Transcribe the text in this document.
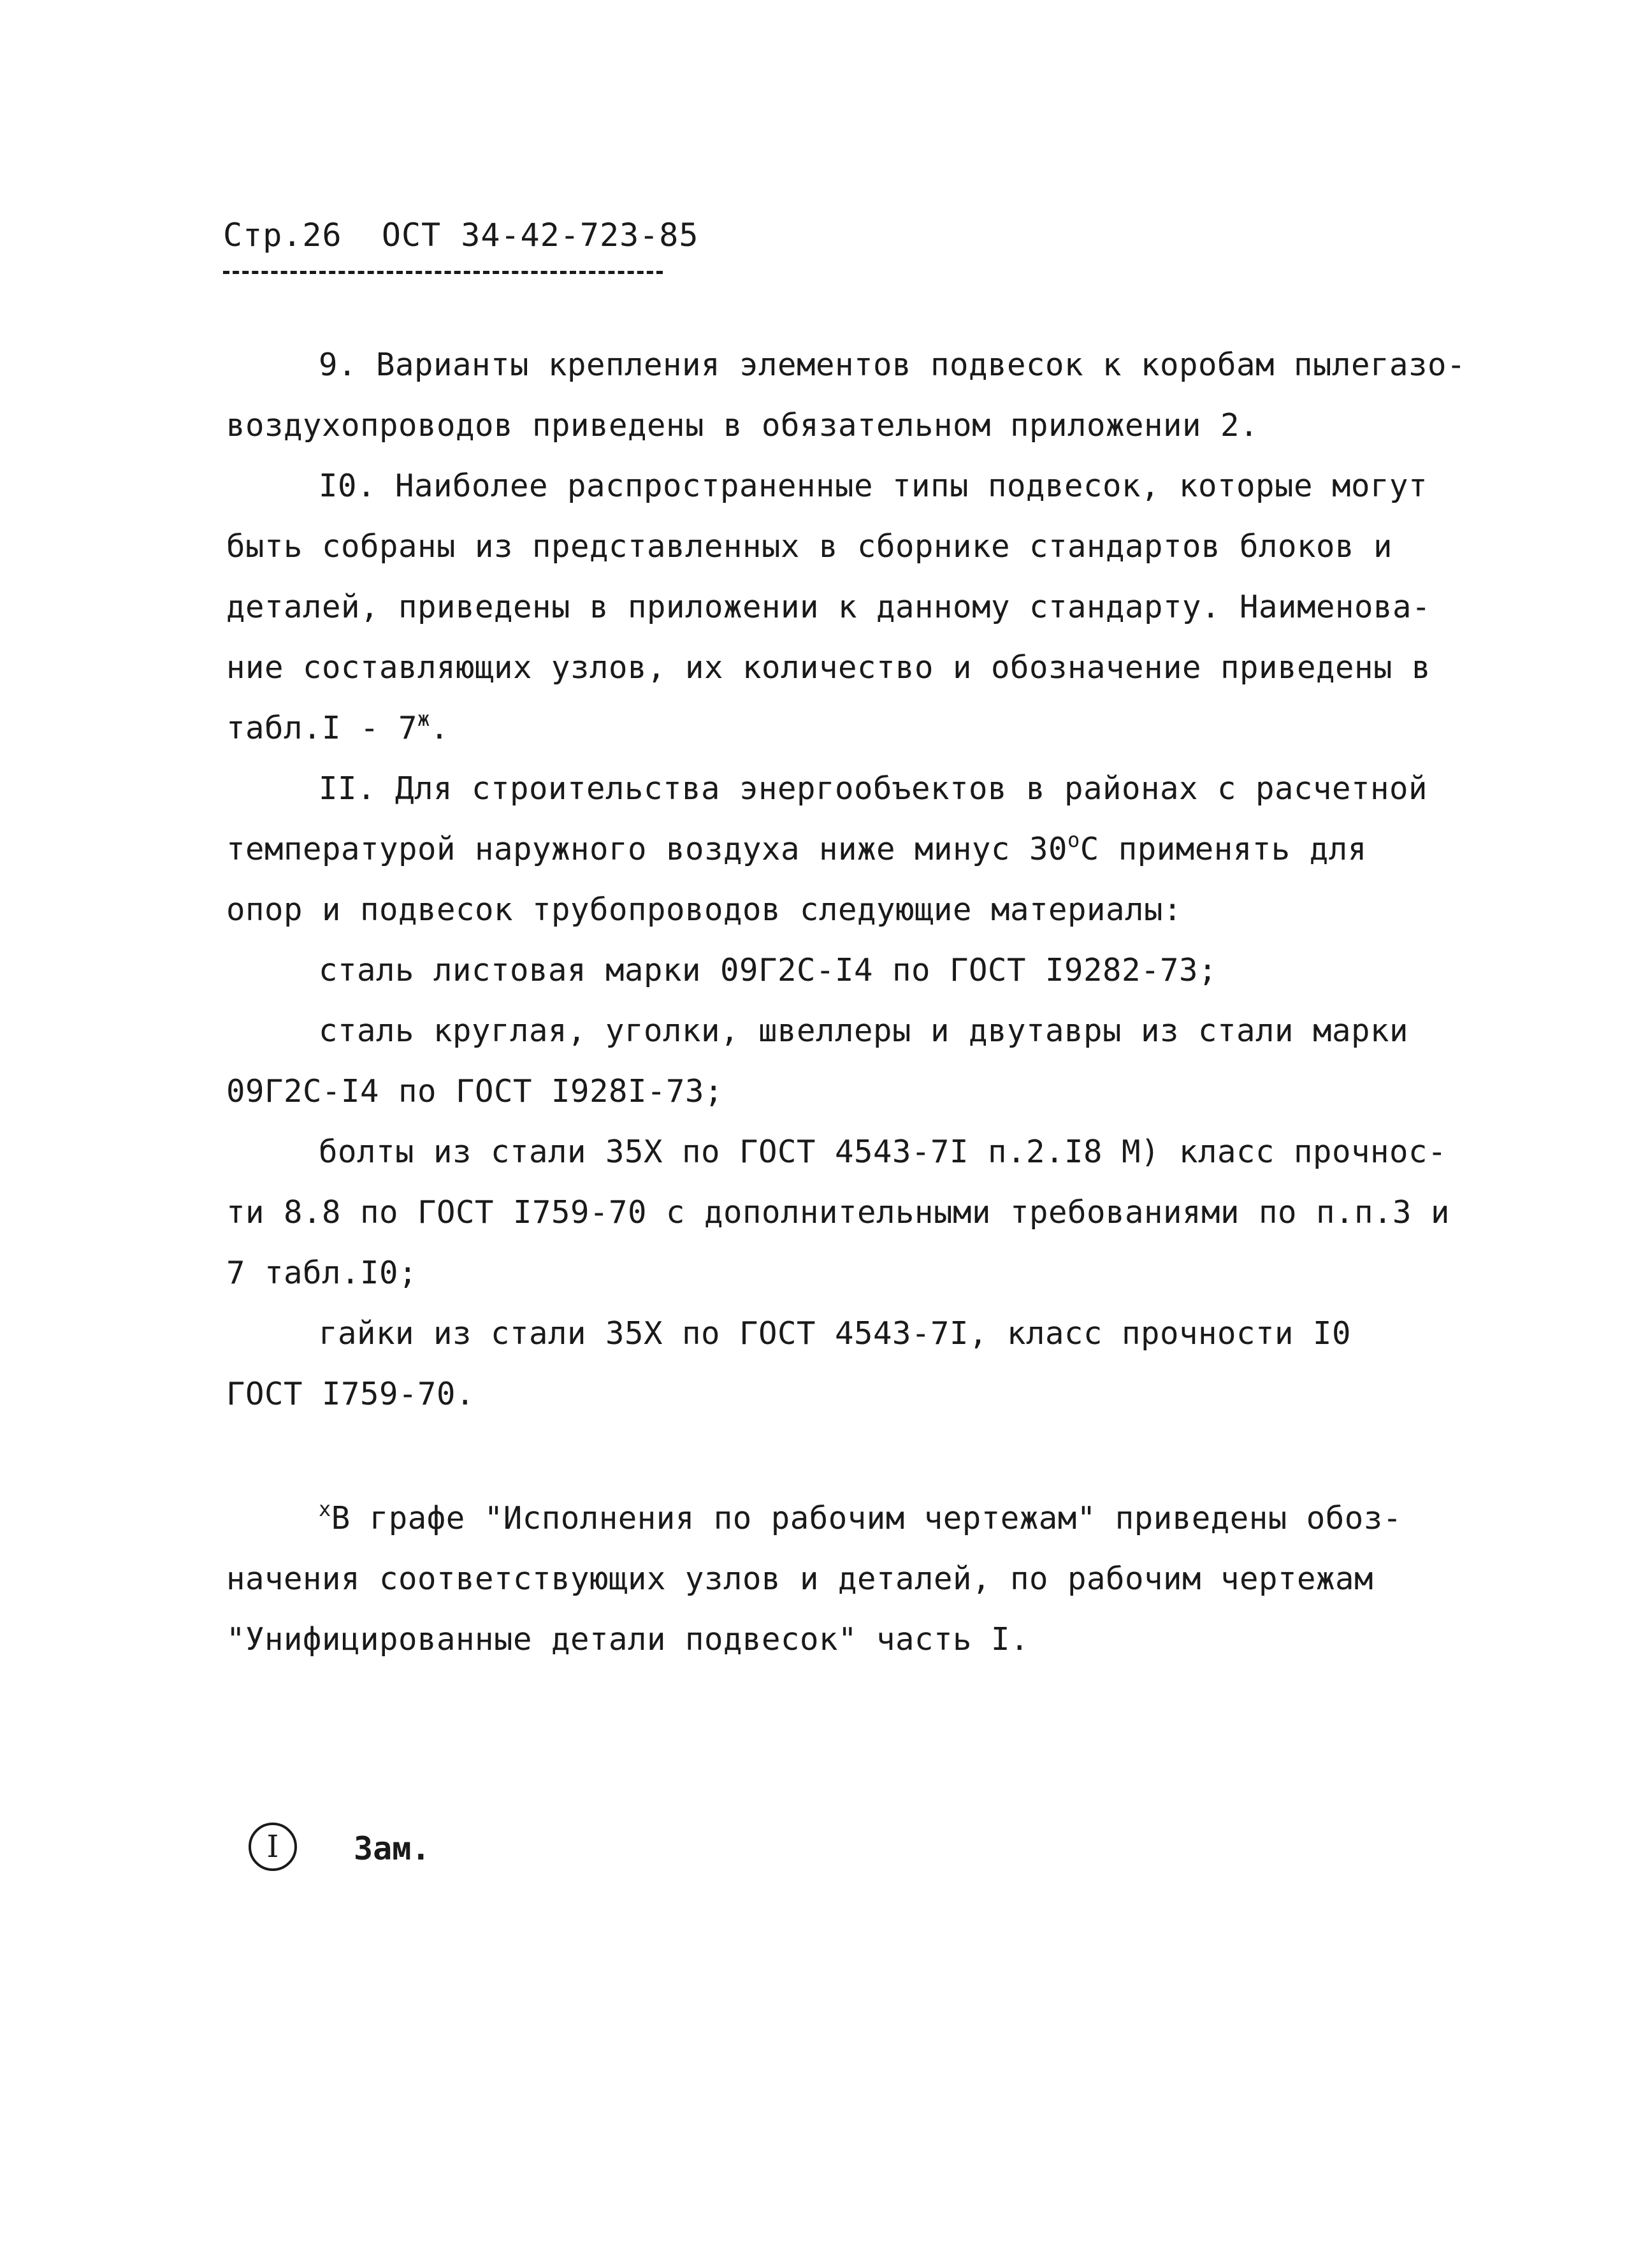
Стр.26 ОСТ 34-42-723-85
9. Варианты крепления элементов подвесок к коробам пылегазо-
воздухопроводов приведены в обязательном приложении 2.
I0. Наиболее распространенные типы подвесок, которые могут
быть собраны из представленных в сборнике стандартов блоков и
деталей, приведены в приложении к данному стандарту. Наименова-
ние составляющих узлов, их количество и обозначение приведены в
табл.I - $7^ж$.
II. Для строительства энергообъектов в районах с расчетной
температурой наружного воздуха ниже минус $30^оС$ применять для
опор и подвесок трубопроводов следующие материалы:
сталь листовая марки 09Г2С-I4 по ГОСТ I9282-73;
сталь круглая, уголки, швеллеры и двутавры из стали марки
09Г2С-I4 по ГОСТ I928I-73;
болты из стали 35Х по ГОСТ 4543-7I п.2.I8 М) класс прочнос-
ти 8.8 по ГОСТ I759-70 с дополнительными требованиями по п.п.3 и
7 табл.I0;
гайки из стали 35Х по ГОСТ 4543-7I, класс прочности I0
ГОСТ I759-70.
$^х$В графе "Исполнения по рабочим чертежам" приведены обоз-
начения соответствующих узлов и деталей, по рабочим чертежам
"Унифицированные детали подвесок" часть I.
I	Зам.
